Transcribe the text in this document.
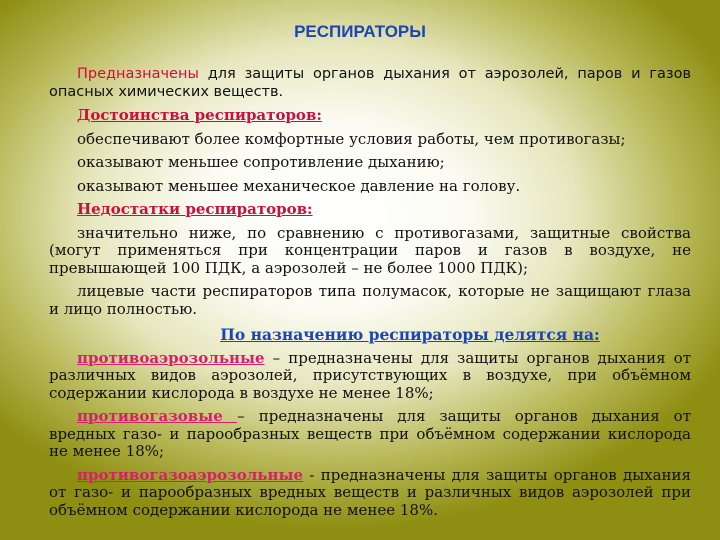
РЕСПИРАТОРЫ

Предназначены для защиты органов дыхания от аэрозолей, паров и газов опасных химических веществ.

Достоинства респираторов:

обеспечивают более комфортные условия работы, чем противогазы;

оказывают меньшее сопротивление дыханию;

оказывают меньшее механическое давление на голову.

Недостатки респираторов:

значительно ниже, по сравнению с противогазами, защитные свойства (могут применяться при концентрации паров и газов в воздухе, не превышающей 100 ПДК, а аэрозолей – не более 1000 ПДК);

лицевые части респираторов типа полумасок, которые не защищают глаза и лицо полностью.

По назначению респираторы делятся на:

противоаэрозольные – предназначены для защиты органов дыхания от различных видов аэрозолей, присутствующих в воздухе, при объёмном содержании кислорода в воздухе не менее 18%;

противогазовые – предназначены для защиты органов дыхания от вредных газо- и парообразных веществ при объёмном содержании кислорода не менее 18%;

противогазоаэрозольные - предназначены для защиты органов дыхания от газо- и парообразных вредных веществ и различных видов аэрозолей при объёмном содержании кислорода не менее 18%.
